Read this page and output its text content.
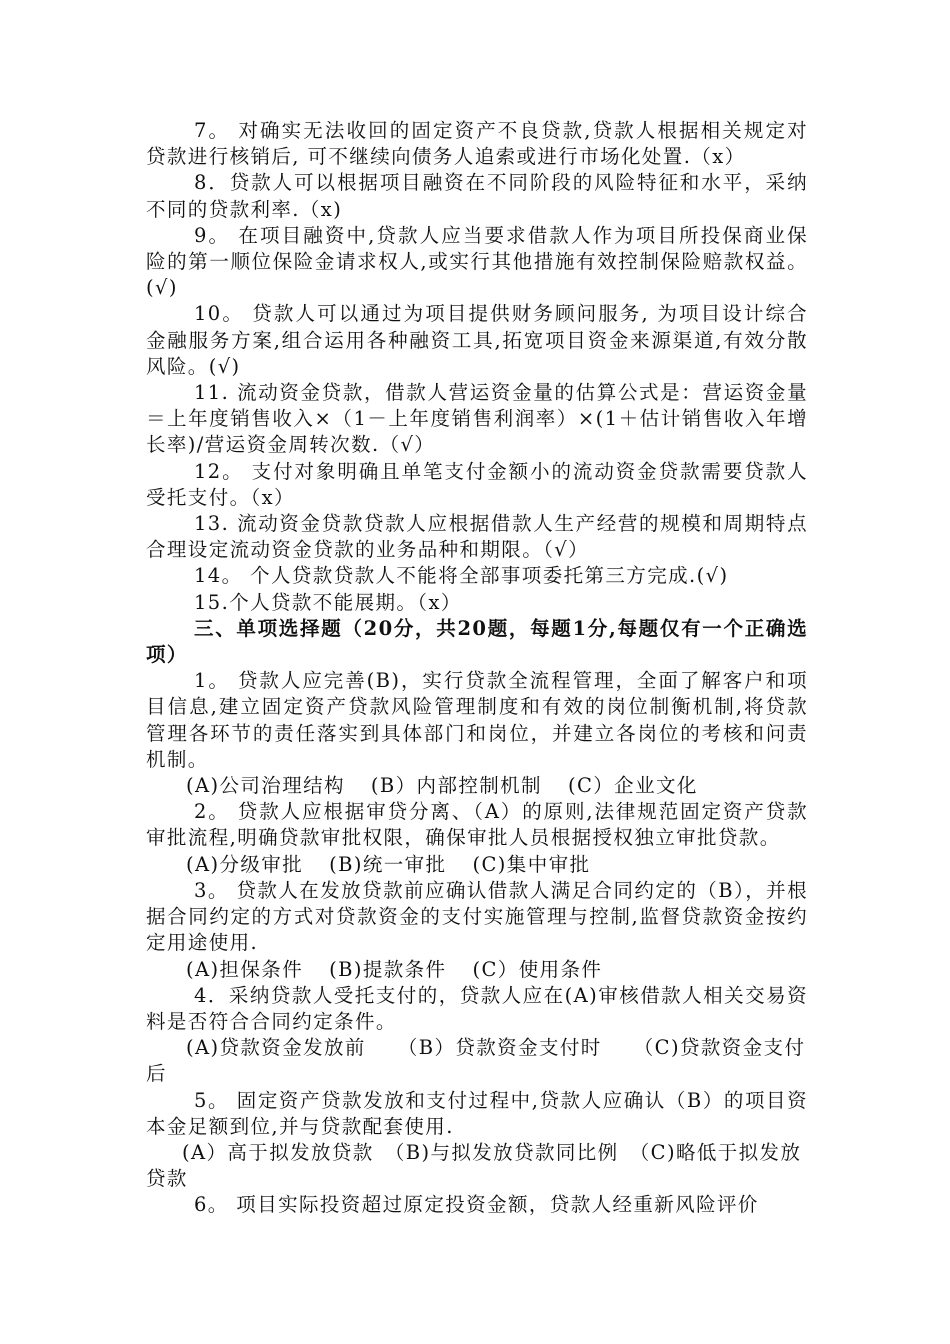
7。 对确实无法收回的固定资产不良贷款,贷款人根据相关规定对贷款进行核销后, 可不继续向债务人追索或进行市场化处置.（x）

8．贷款人可以根据项目融资在不同阶段的风险特征和水平，采纳不同的贷款利率.（x)

9。 在项目融资中,贷款人应当要求借款人作为项目所投保商业保险的第一顺位保险金请求权人,或实行其他措施有效控制保险赔款权益。(√)

10。 贷款人可以通过为项目提供财务顾问服务, 为项目设计综合金融服务方案,组合运用各种融资工具,拓宽项目资金来源渠道,有效分散风险。(√)

11. 流动资金贷款，借款人营运资金量的估算公式是：营运资金量＝上年度销售收入×（1－上年度销售利润率）×(1＋估计销售收入年增长率)/营运资金周转次数.（√）

12。 支付对象明确且单笔支付金额小的流动资金贷款需要贷款人受托支付。（x）

13. 流动资金贷款贷款人应根据借款人生产经营的规模和周期特点合理设定流动资金贷款的业务品种和期限。（√）

14。 个人贷款贷款人不能将全部事项委托第三方完成.(√)

15.个人贷款不能展期。（x）

三、单项选择题（20分，共20题，每题1分,每题仅有一个正确选项）

1。 贷款人应完善(B)，实行贷款全流程管理，全面了解客户和项目信息,建立固定资产贷款风险管理制度和有效的岗位制衡机制,将贷款管理各环节的责任落实到具体部门和岗位，并建立各岗位的考核和问责机制。

(A)公司治理结构 (B）内部控制机制 (C）企业文化

2。 贷款人应根据审贷分离、（A）的原则,法律规范固定资产贷款审批流程,明确贷款审批权限，确保审批人员根据授权独立审批贷款。

(A)分级审批 (B)统一审批 (C)集中审批

3。 贷款人在发放贷款前应确认借款人满足合同约定的（B），并根据合同约定的方式对贷款资金的支付实施管理与控制,监督贷款资金按约定用途使用.

(A)担保条件 (B)提款条件 (C）使用条件

4．采纳贷款人受托支付的，贷款人应在(A)审核借款人相关交易资料是否符合合同约定条件。

(A)贷款资金发放前　　（B）贷款资金支付时　　（C)贷款资金支付后

5。 固定资产贷款发放和支付过程中,贷款人应确认（B）的项目资本金足额到位,并与贷款配套使用.

(A）高于拟发放贷款　（B)与拟发放贷款同比例　（C)略低于拟发放贷款

6。 项目实际投资超过原定投资金额，贷款人经重新风险评价
